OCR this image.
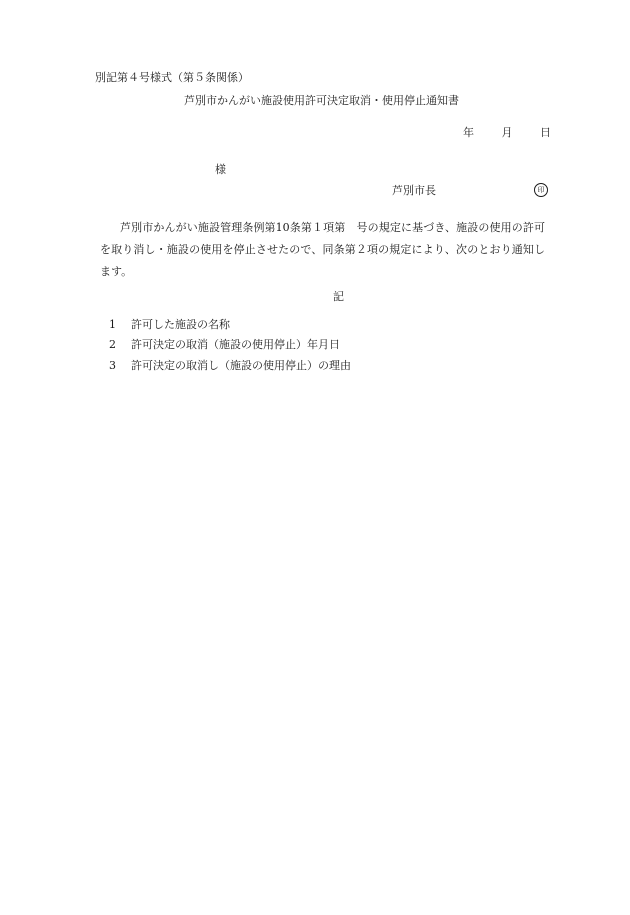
別記第４号様式（第５条関係）
芦別市かんがい施設使用許可決定取消・使用停止通知書
年	月	日
様
芦別市長	印
芦別市かんがい施設管理条例第10条第１項第　号の規定に基づき、施設の使用の許可を取り消し・施設の使用を停止させたので、同条第２項の規定により、次のとおり通知します。
記
1 許可した施設の名称
2 許可決定の取消（施設の使用停止）年月日
3 許可決定の取消し（施設の使用停止）の理由
